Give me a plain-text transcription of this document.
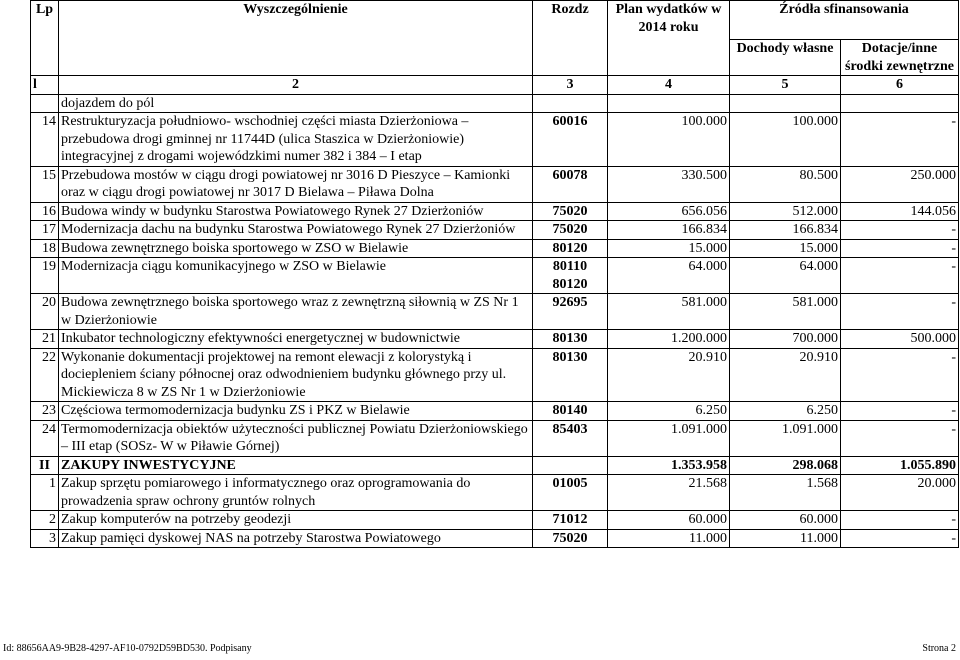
Lp	Wyszczególnienie	Rozdz	Plan wydatków w 2014 roku	Źródła sfinansowania	
				Dochody własne	Dotacje/inne środki zewnętrzne
l	2	3	4	5	6
	dojazdem do pól				
14	Restrukturyzacja południowo- wschodniej części miasta Dzierżoniowa – przebudowa drogi gminnej nr 11744D (ulica Staszica w Dzierżoniowie) integracyjnej z drogami wojewódzkimi numer 382 i 384 – I etap	60016	100.000	100.000	-
15	Przebudowa mostów w ciągu drogi powiatowej nr 3016 D Pieszyce – Kamionki oraz w ciągu drogi powiatowej nr 3017 D Bielawa – Piława Dolna	60078	330.500	80.500	250.000
16	Budowa windy w budynku Starostwa Powiatowego Rynek 27 Dzierżoniów	75020	656.056	512.000	144.056
17	Modernizacja dachu na budynku Starostwa Powiatowego Rynek 27 Dzierżoniów	75020	166.834	166.834	-
18	Budowa zewnętrznego boiska sportowego w ZSO w Bielawie	80120	15.000	15.000	-
19	Modernizacja ciągu komunikacyjnego w ZSO w Bielawie	80110 80120	64.000	64.000	-
20	Budowa zewnętrznego boiska sportowego wraz z zewnętrzną siłownią w ZS Nr 1 w Dzierżoniowie	92695	581.000	581.000	-
21	Inkubator technologiczny efektywności energetycznej w budownictwie	80130	1.200.000	700.000	500.000
22	Wykonanie dokumentacji projektowej na remont elewacji z kolorystyką i dociepleniem ściany północnej oraz odwodnieniem budynku głównego przy ul. Mickiewicza 8 w ZS Nr 1 w Dzierżoniowie	80130	20.910	20.910	-
23	Częściowa termomodernizacja budynku ZS i PKZ w Bielawie	80140	6.250	6.250	-
24	Termomodernizacja obiektów użyteczności publicznej Powiatu Dzierżoniowskiego – III etap (SOSz- W w Piławie Górnej)	85403	1.091.000	1.091.000	-
II	ZAKUPY INWESTYCYJNE		1.353.958	298.068	1.055.890
1	Zakup sprzętu pomiarowego i informatycznego oraz oprogramowania do prowadzenia spraw ochrony gruntów rolnych	01005	21.568	1.568	20.000
2	Zakup komputerów na potrzeby geodezji	71012	60.000	60.000	-
3	Zakup pamięci dyskowej NAS na potrzeby Starostwa Powiatowego	75020	11.000	11.000	-
Id: 88656AA9-9B28-4297-AF10-0792D59BD530. Podpisany	Strona 2
